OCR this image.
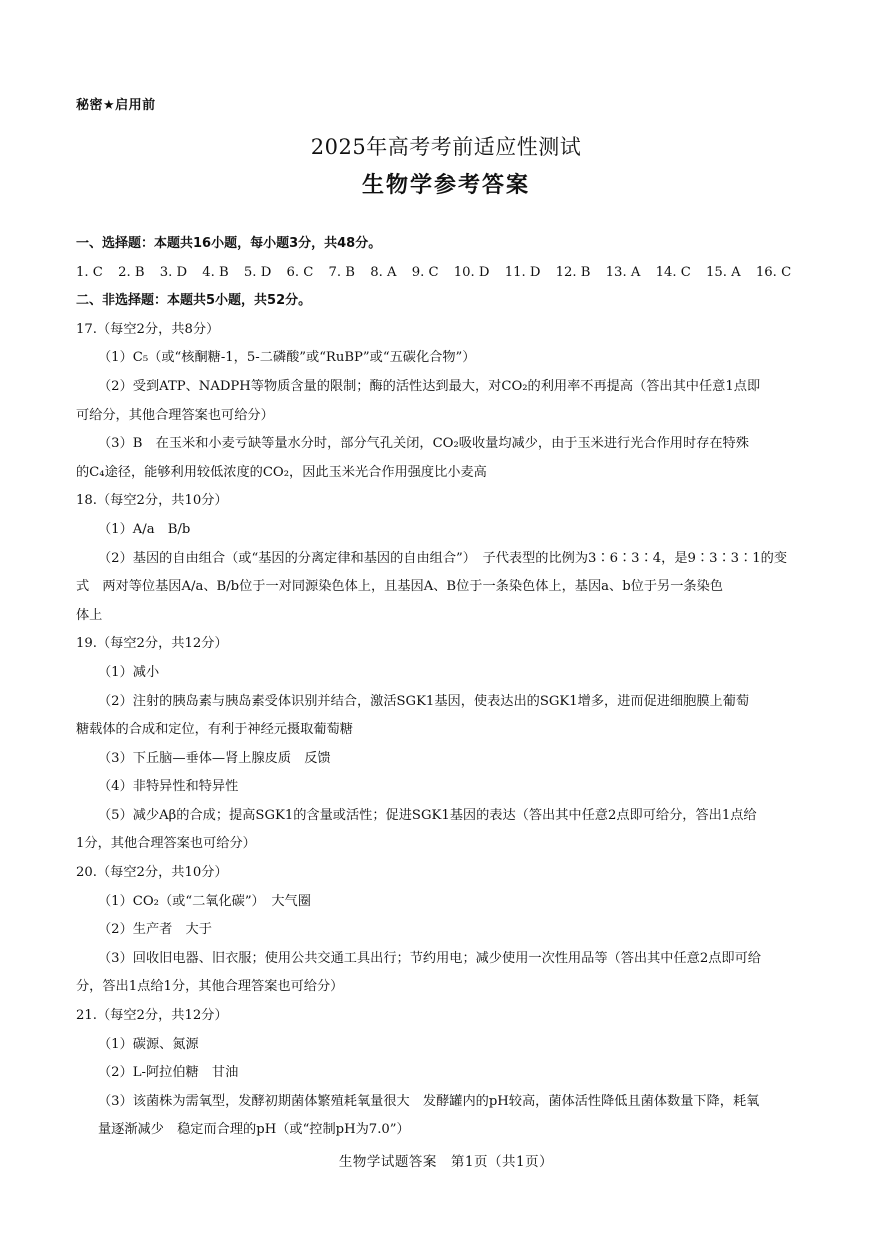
秘密★启用前
2025年高考考前适应性测试
生物学参考答案
一、选择题：本题共16小题，每小题3分，共48分。
1. C 2. B 3. D 4. B 5. D 6. C 7. B 8. A 9. C 10. D 11. D 12. B 13. A 14. C 15. A 16. C
二、非选择题：本题共5小题，共52分。
17.（每空2分，共8分）
（1）C₅（或“核酮糖-1，5-二磷酸”或“RuBP”或“五碳化合物”）
（2）受到ATP、NADPH等物质含量的限制；酶的活性达到最大，对CO₂的利用率不再提高（答出其中任意1点即
可给分，其他合理答案也可给分）
（3）B　在玉米和小麦亏缺等量水分时，部分气孔关闭，CO₂吸收量均减少，由于玉米进行光合作用时存在特殊
的C₄途径，能够利用较低浓度的CO₂，因此玉米光合作用强度比小麦高
18.（每空2分，共10分）
（1）A/a　B/b
（2）基因的自由组合（或“基因的分离定律和基因的自由组合”）　子代表型的比例为3∶6∶3∶4，是9∶3∶3∶1的变
式　两对等位基因A/a、B/b位于一对同源染色体上，且基因A、B位于一条染色体上，基因a、b位于另一条染色
体上
19.（每空2分，共12分）
（1）减小
（2）注射的胰岛素与胰岛素受体识别并结合，激活SGK1基因，使表达出的SGK1增多，进而促进细胞膜上葡萄
糖载体的合成和定位，有利于神经元摄取葡萄糖
（3）下丘脑—垂体—肾上腺皮质　反馈
（4）非特异性和特异性
（5）减少Aβ的合成；提高SGK1的含量或活性；促进SGK1基因的表达（答出其中任意2点即可给分，答出1点给
1分，其他合理答案也可给分）
20.（每空2分，共10分）
（1）CO₂（或“二氧化碳”）　大气圈
（2）生产者　大于
（3）回收旧电器、旧衣服；使用公共交通工具出行；节约用电；减少使用一次性用品等（答出其中任意2点即可给
分，答出1点给1分，其他合理答案也可给分）
21.（每空2分，共12分）
（1）碳源、氮源
（2）L-阿拉伯糖　甘油
（3）该菌株为需氧型，发酵初期菌体繁殖耗氧量很大　发酵罐内的pH较高，菌体活性降低且菌体数量下降，耗氧
量逐渐减少　稳定而合理的pH（或“控制pH为7.0”）
生物学试题答案　第1页（共1页）
